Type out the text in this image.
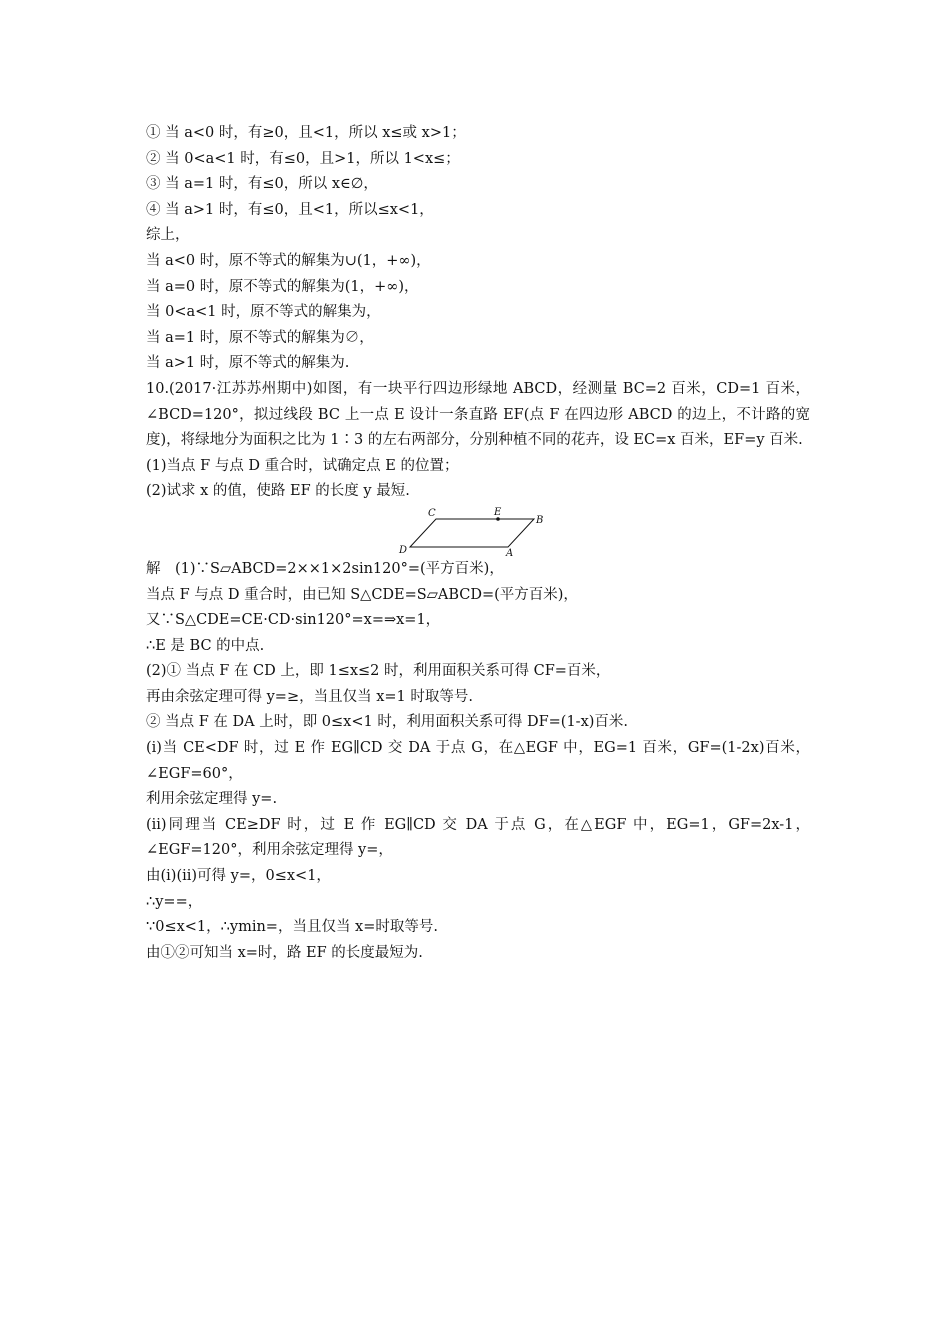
① 当 a<0 时，有≥0，且<1，所以 x≤或 x>1；
② 当 0<a<1 时，有≤0，且>1，所以 1<x≤；
③ 当 a=1 时，有≤0，所以 x∈∅，
④ 当 a>1 时，有≤0，且<1，所以≤x<1，
综上，
当 a<0 时，原不等式的解集为∪(1，+∞)，
当 a=0 时，原不等式的解集为(1，+∞)，
当 0<a<1 时，原不等式的解集为，
当 a=1 时，原不等式的解集为∅，
当 a>1 时，原不等式的解集为.
10.(2017·江苏苏州期中)如图，有一块平行四边形绿地 ABCD，经测量 BC=2 百米，CD=1 百米，∠BCD=120°，拟过线段 BC 上一点 E 设计一条直路 EF(点 F 在四边形 ABCD 的边上，不计路的宽度)，将绿地分为面积之比为 1∶3 的左右两部分，分别种植不同的花卉，设 EC=x 百米，EF=y 百米.
(1)当点 F 与点 D 重合时，试确定点 E 的位置；
(2)试求 x 的值，使路 EF 的长度 y 最短.
C	E
B
D	A
解　(1)∵S▱ABCD=2××1×2sin120°=(平方百米)，
当点 F 与点 D 重合时，由已知 S△CDE=S▱ABCD=(平方百米)，
又∵S△CDE=CE·CD·sin120°=x=⇒x=1，
∴E 是 BC 的中点.
(2)① 当点 F 在 CD 上，即 1≤x≤2 时，利用面积关系可得 CF=百米，
再由余弦定理可得 y=≥，当且仅当 x=1 时取等号.
② 当点 F 在 DA 上时，即 0≤x<1 时，利用面积关系可得 DF=(1-x)百米.
(i)当 CE<DF 时，过 E 作 EG∥CD 交 DA 于点 G，在△EGF 中，EG=1 百米，GF=(1-2x)百米，∠EGF=60°，
利用余弦定理得 y=.
(ii)同理当 CE≥DF 时，过 E 作 EG∥CD 交 DA 于点 G，在△EGF 中，EG=1，GF=2x-1，∠EGF=120°，利用余弦定理得 y=，
由(i)(ii)可得 y=，0≤x<1，
∴y==，
∵0≤x<1，∴ymin=，当且仅当 x=时取等号.
由①②可知当 x=时，路 EF 的长度最短为.
